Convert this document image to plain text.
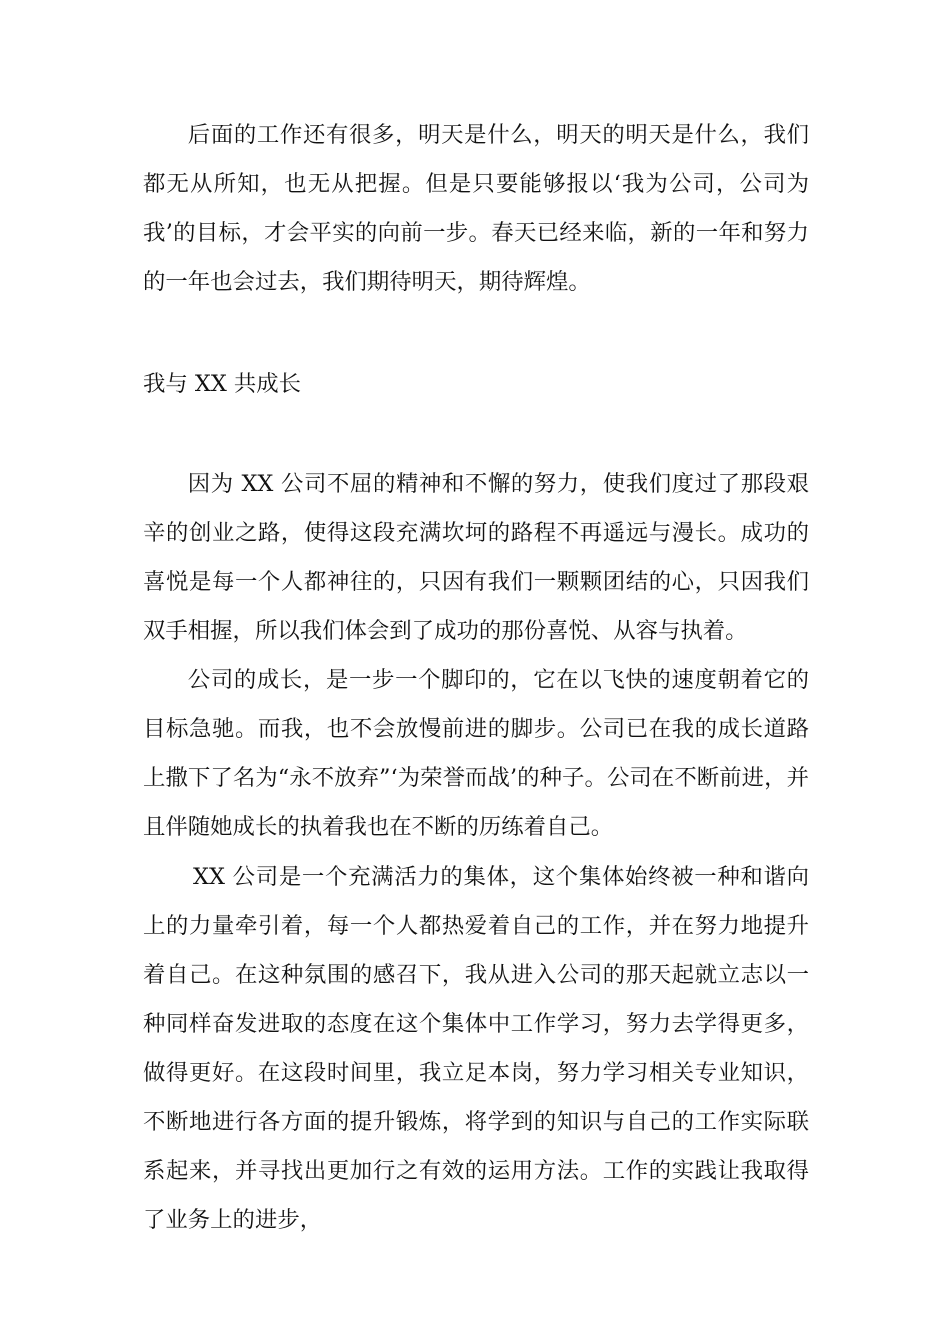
后面的工作还有很多，明天是什么，明天的明天是什么，我们都无从所知，也无从把握。但是只要能够报以‘我为公司，公司为我’的目标，才会平实的向前一步。春天已经来临，新的一年和努力的一年也会过去，我们期待明天，期待辉煌。

我与 XX 共成长

因为 XX 公司不屈的精神和不懈的努力，使我们度过了那段艰辛的创业之路，使得这段充满坎坷的路程不再遥远与漫长。成功的喜悦是每一个人都神往的，只因有我们一颗颗团结的心，只因我们双手相握，所以我们体会到了成功的那份喜悦、从容与执着。

公司的成长，是一步一个脚印的，它在以飞快的速度朝着它的目标急驰。而我，也不会放慢前进的脚步。公司已在我的成长道路上撒下了名为“永不放弃”‘为荣誉而战’的种子。公司在不断前进，并且伴随她成长的执着我也在不断的历练着自己。

XX 公司是一个充满活力的集体，这个集体始终被一种和谐向上的力量牵引着，每一个人都热爱着自己的工作，并在努力地提升着自己。在这种氛围的感召下，我从进入公司的那天起就立志以一种同样奋发进取的态度在这个集体中工作学习，努力去学得更多，做得更好。在这段时间里，我立足本岗，努力学习相关专业知识，不断地进行各方面的提升锻炼，将学到的知识与自己的工作实际联系起来，并寻找出更加行之有效的运用方法。工作的实践让我取得了业务上的进步，
